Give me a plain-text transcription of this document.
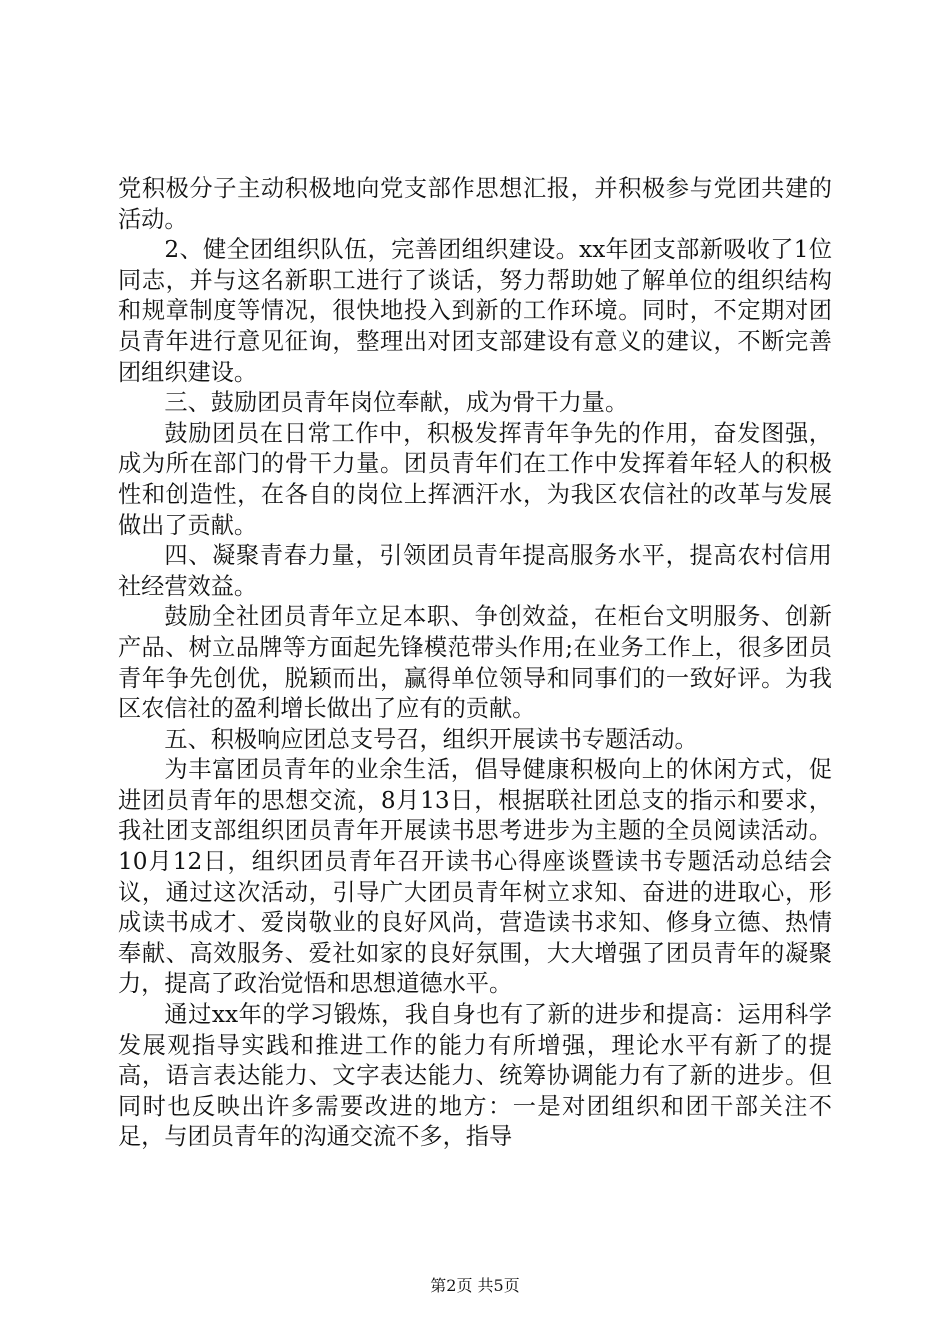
党积极分子主动积极地向党支部作思想汇报，并积极参与党团共建的活动。

2、健全团组织队伍，完善团组织建设。xx年团支部新吸收了1位同志，并与这名新职工进行了谈话，努力帮助她了解单位的组织结构和规章制度等情况，很快地投入到新的工作环境。同时，不定期对团员青年进行意见征询，整理出对团支部建设有意义的建议，不断完善团组织建设。

三、鼓励团员青年岗位奉献，成为骨干力量。

鼓励团员在日常工作中，积极发挥青年争先的作用，奋发图强，成为所在部门的骨干力量。团员青年们在工作中发挥着年轻人的积极性和创造性，在各自的岗位上挥洒汗水，为我区农信社的改革与发展做出了贡献。

四、凝聚青春力量，引领团员青年提高服务水平，提高农村信用社经营效益。

鼓励全社团员青年立足本职、争创效益，在柜台文明服务、创新产品、树立品牌等方面起先锋模范带头作用;在业务工作上，很多团员青年争先创优，脱颖而出，赢得单位领导和同事们的一致好评。为我区农信社的盈利增长做出了应有的贡献。

五、积极响应团总支号召，组织开展读书专题活动。

为丰富团员青年的业余生活，倡导健康积极向上的休闲方式，促进团员青年的思想交流，8月13日，根据联社团总支的指示和要求，我社团支部组织团员青年开展读书思考进步为主题的全员阅读活动。10月12日，组织团员青年召开读书心得座谈暨读书专题活动总结会议，通过这次活动，引导广大团员青年树立求知、奋进的进取心，形成读书成才、爱岗敬业的良好风尚，营造读书求知、修身立德、热情奉献、高效服务、爱社如家的良好氛围，大大增强了团员青年的凝聚力，提高了政治觉悟和思想道德水平。

通过xx年的学习锻炼，我自身也有了新的进步和提高：运用科学发展观指导实践和推进工作的能力有所增强，理论水平有新了的提高，语言表达能力、文字表达能力、统筹协调能力有了新的进步。但同时也反映出许多需要改进的地方：一是对团组织和团干部关注不足，与团员青年的沟通交流不多，指导

第2页 共5页
